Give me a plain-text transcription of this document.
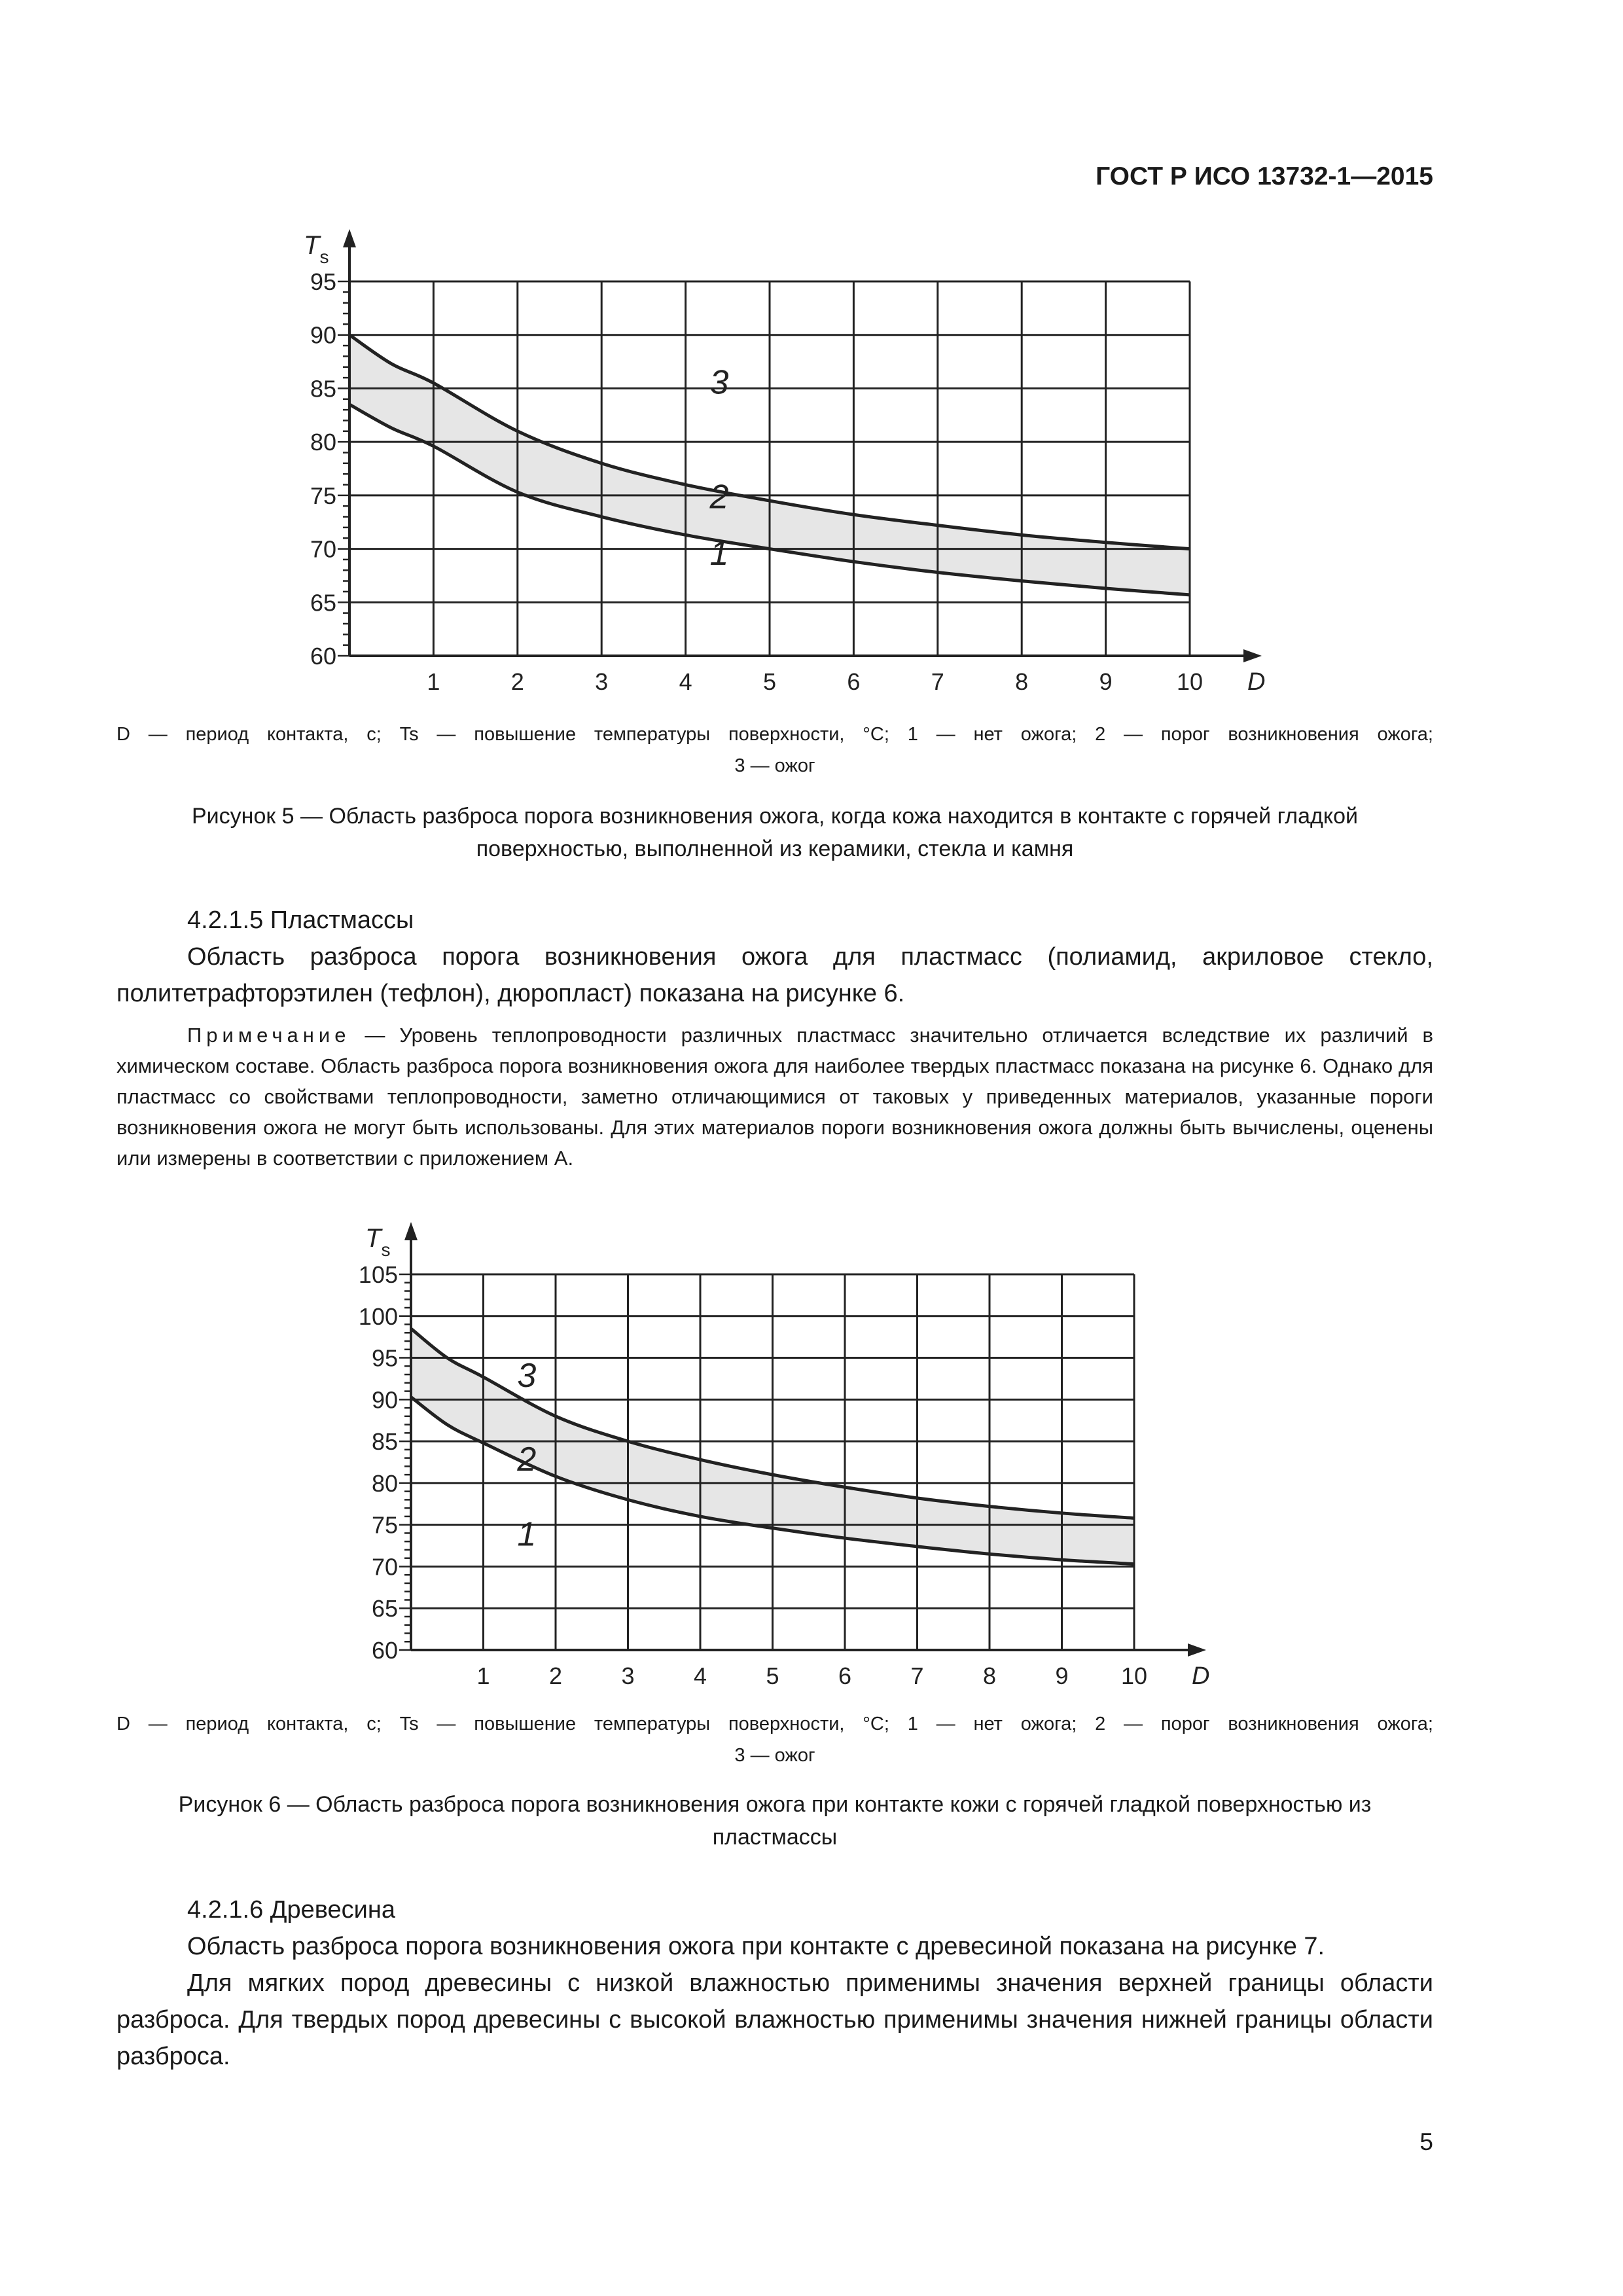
ГОСТ Р ИСО 13732-1—2015
1	2	3	4	5	6	7	8	9	10
60
65
70
75
80
85
90
95
D
$T_s$
3
2
1
1	2	3	4	5	6	7	8	9 10
60
65
70
75
80
85
90
95
100
105
D
$T_s$
3
2
1
D — период контакта, с; Ts — повышение температуры поверхности, °С; 1 — нет ожога; 2 — порог возникновения ожога;
3 — ожог
Рисунок 5 — Область разброса порога возникновения ожога, когда кожа находится в контакте с горячей гладкой
поверхностью, выполненной из керамики, стекла и камня
4.2.1.5 Пластмассы

Область разброса порога возникновения ожога для пластмасс (полиамид, акриловое стекло, политетрафторэтилен (тефлон), дюропласт) показана на рисунке 6.

Примечание — Уровень теплопроводности различных пластмасс значительно отличается вследствие их различий в химическом составе. Область разброса порога возникновения ожога для наиболее твердых пластмасс показана на рисунке 6. Однако для пластмасс со свойствами теплопроводности, заметно отличающимися от таковых у приведенных материалов, указанные пороги возникновения ожога не могут быть использованы. Для этих материалов пороги возникновения ожога должны быть вычислены, оценены или измерены в соответствии с приложением А.
D — период контакта, с; Ts — повышение температуры поверхности, °С; 1 — нет ожога; 2 — порог возникновения ожога;
3 — ожог
Рисунок 6 — Область разброса порога возникновения ожога при контакте кожи с горячей гладкой поверхностью из
пластмассы
4.2.1.6 Древесина

Область разброса порога возникновения ожога при контакте с древесиной показана на рисунке 7.

Для мягких пород древесины с низкой влажностью применимы значения верхней границы области разброса. Для твердых пород древесины с высокой влажностью применимы значения нижней границы области разброса.

5
